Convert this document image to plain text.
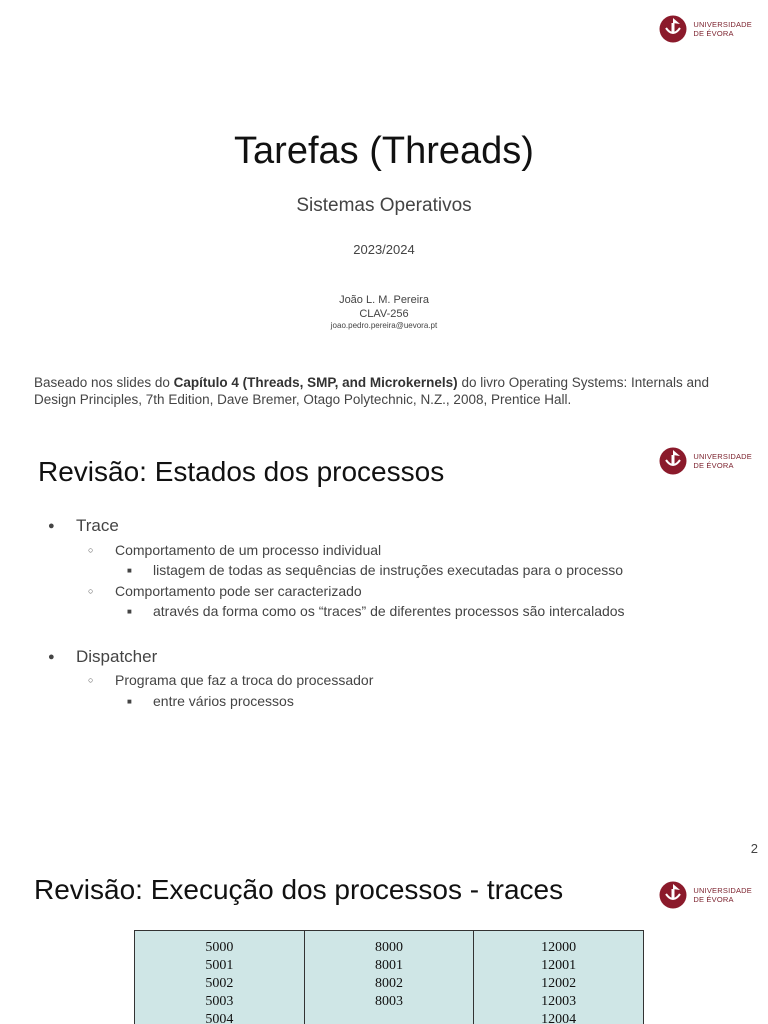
UNIVERSIDADE
DE ÉVORA
Tarefas (Threads)
Sistemas Operativos
2023/2024
João L. M. Pereira
CLAV-256
joao.pedro.pereira@uevora.pt
Baseado nos slides do Capítulo 4 (Threads, SMP, and Microkernels) do livro Operating Systems: Internals and Design Principles, 7th Edition, Dave Bremer, Otago Polytechnic, N.Z., 2008, Prentice Hall.
UNIVERSIDADE
DE ÉVORA
Revisão: Estados dos processos
● Trace
○ Comportamento de um processo individual
■ listagem de todas as sequências de instruções executadas para o processo
○ Comportamento pode ser caracterizado
■ através da forma como os “traces” de diferentes processos são intercalados
● Dispatcher
○ Programa que faz a troca do processador
■ entre vários processos
2
UNIVERSIDADE
DE ÉVORA
Revisão: Execução dos processos - traces
5000
5001
5002
5003
5004
8000
8001
8002
8003
12000
12001
12002
12003
12004
